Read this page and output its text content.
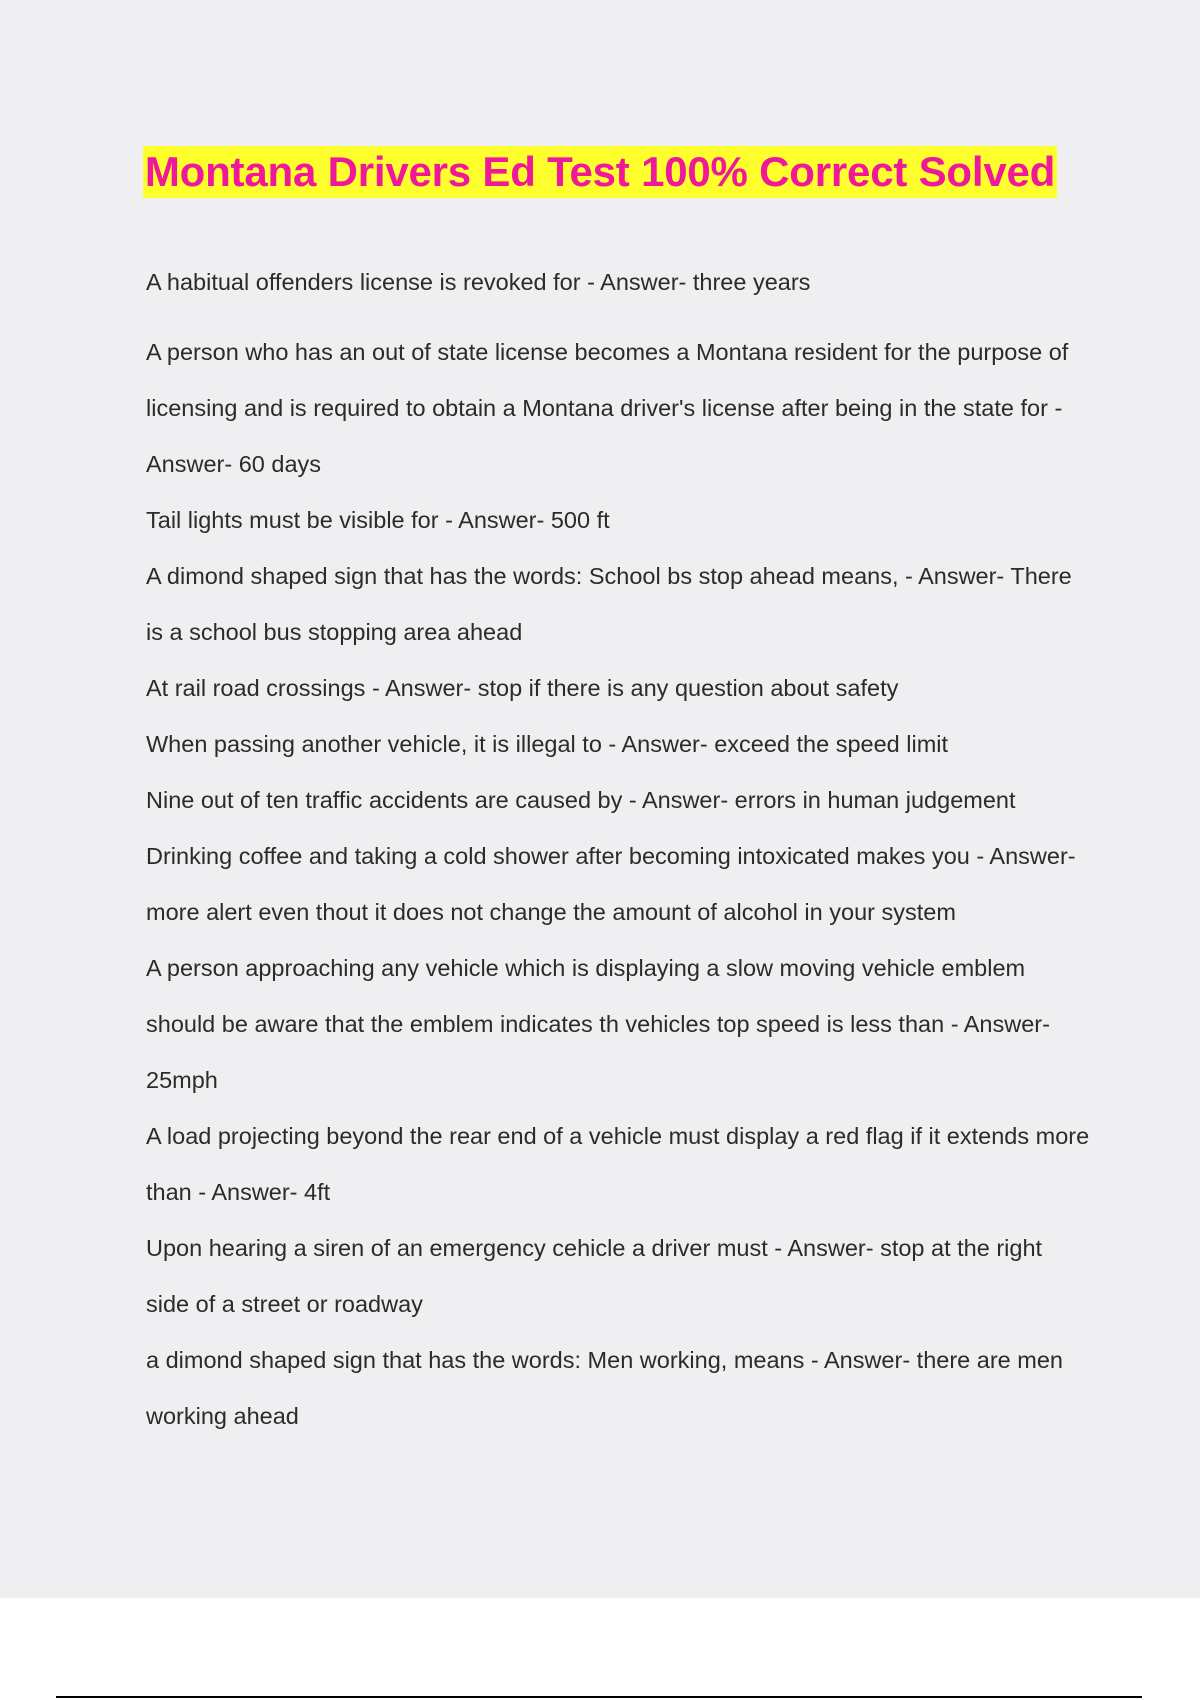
Montana Drivers Ed Test 100% Correct Solved

A habitual offenders license is revoked for - Answer- three years

A person who has an out of state license becomes a Montana resident for the purpose of licensing and is required to obtain a Montana driver's license after being in the state for - Answer- 60 days

Tail lights must be visible for - Answer- 500 ft

A dimond shaped sign that has the words: School bs stop ahead means, - Answer- There is a school bus stopping area ahead

At rail road crossings - Answer- stop if there is any question about safety

When passing another vehicle, it is illegal to - Answer- exceed the speed limit

Nine out of ten traffic accidents are caused by - Answer- errors in human judgement

Drinking coffee and taking a cold shower after becoming intoxicated makes you - Answer- more alert even thout it does not change the amount of alcohol in your system

A person approaching any vehicle which is displaying a slow moving vehicle emblem should be aware that the emblem indicates th vehicles top speed is less than - Answer- 25mph

A load projecting beyond the rear end of a vehicle must display a red flag if it extends more than - Answer- 4ft

Upon hearing a siren of an emergency cehicle a driver must - Answer- stop at the right side of a street or roadway

a dimond shaped sign that has the words: Men working, means - Answer- there are men working ahead
